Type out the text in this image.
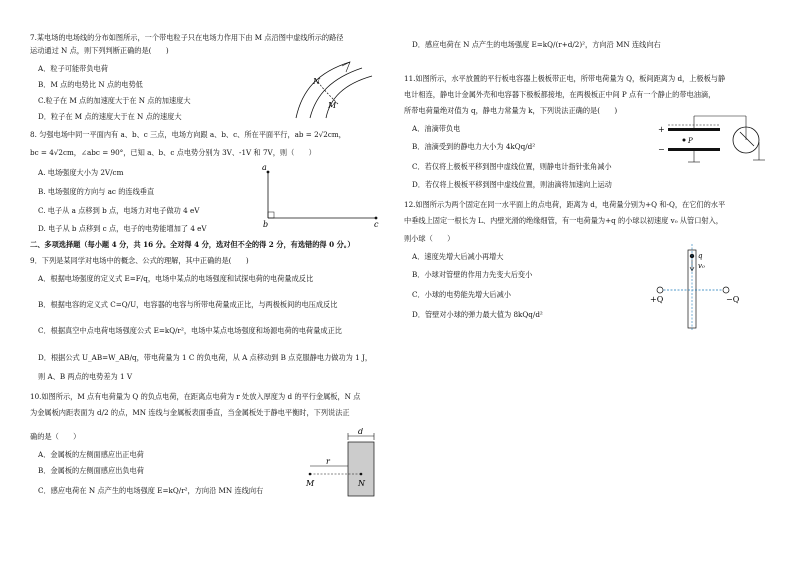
7.某电场的电场线的分布如图所示，一个带电粒子只在电场力作用下由 M 点沿图中虚线所示的路径
运动通过 N 点，则下列判断正确的是(　　)
A．粒子可能带负电荷
B．M 点的电势比 N 点的电势低
C.粒子在 M 点的加速度大于在 N 点的加速度大
D．粒子在 M 点的速度大于在 N 点的速度大
N
M
8. 匀强电场中同一平面内有 a、b、c 三点，电场方向跟 a、b、c、所在平面平行，ab = 2√2cm，
bc = 4√2cm，∠abc = 90°，已知 a、b、c 点电势分别为 3V、-1V 和 7V，则（　　）
A. 电场强度大小为 2V/cm
B. 电场强度的方向与 ac 的连线垂直
C. 电子从 a 点移到 b 点，电场力对电子做功 4 eV
D. 电子从 b 点移到 c 点，电子的电势能增加了 4 eV
a
b	c
二、多项选择题（每小题 4 分，共 16 分。全对得 4 分，选对但不全的得 2 分，有选错的得 0 分。）
9．下列是某同学对电场中的概念、公式的理解，其中正确的是(　　)
A．根据电场强度的定义式 E=F/q，电场中某点的电场强度和试探电荷的电荷量成反比
B．根据电容的定义式 C=Q/U，电容器的电容与所带电荷量成正比，与两极板间的电压成反比
C．根据真空中点电荷电场强度公式 E=kQ/r²，电场中某点电场强度和场源电荷的电荷量成正比
D．根据公式 U_AB=W_AB/q，带电荷量为 1 C 的负电荷，从 A 点移动到 B 点克服静电力做功为 1 J，
则 A、B 两点的电势差为 1 V
10.如图所示，M 点有电荷量为 Q 的负点电荷，在距离点电荷为 r 处放入厚度为 d 的平行金属板，N 点
为金属板内距表面为 d/2 的点，MN 连线与金属板表面垂直，当金属板处于静电平衡时，下列说法正
确的是（　　）
A．金属板的左侧面感应出正电荷
B．金属板的左侧面感应出负电荷
C．感应电荷在 N 点产生的电场强度 E=kQ/r²，方向沿 MN 连线向右
d
r
M	N
D．感应电荷在 N 点产生的电场强度 E=kQ/(r+d/2)²，方向沿 MN 连线向右
11.如图所示，水平放置的平行板电容器上极板带正电，所带电荷量为 Q，板间距离为 d，上极板与静
电计相连，静电计金属外壳和电容器下极板都接地，在两极板正中间 P 点有一个静止的带电油滴，
所带电荷量绝对值为 q，静电力常量为 k，下列说法正确的是(　　)
A．油滴带负电
B．油滴受到的静电力大小为 4kQq/d²
C．若仅将上极板平移到图中虚线位置，则静电计指针张角减小
D．若仅将上极板平移到图中虚线位置，则油滴将加速向上运动
+
−
P
12.如图所示为两个固定在同一水平面上的点电荷，距离为 d，电荷量分别为+Q 和-Q，在它们的水平
中垂线上固定一根长为 L、内壁光滑的绝缘细管，有一电荷量为+q 的小球以初速度 v₀ 从管口射入，
则小球（　　）
A．速度先增大后减小再增大
B．小球对管壁的作用力先变大后变小
C．小球的电势能先增大后减小
D．管壁对小球的弹力最大值为 8kQq/d²
q
v₀
+Q	−Q
